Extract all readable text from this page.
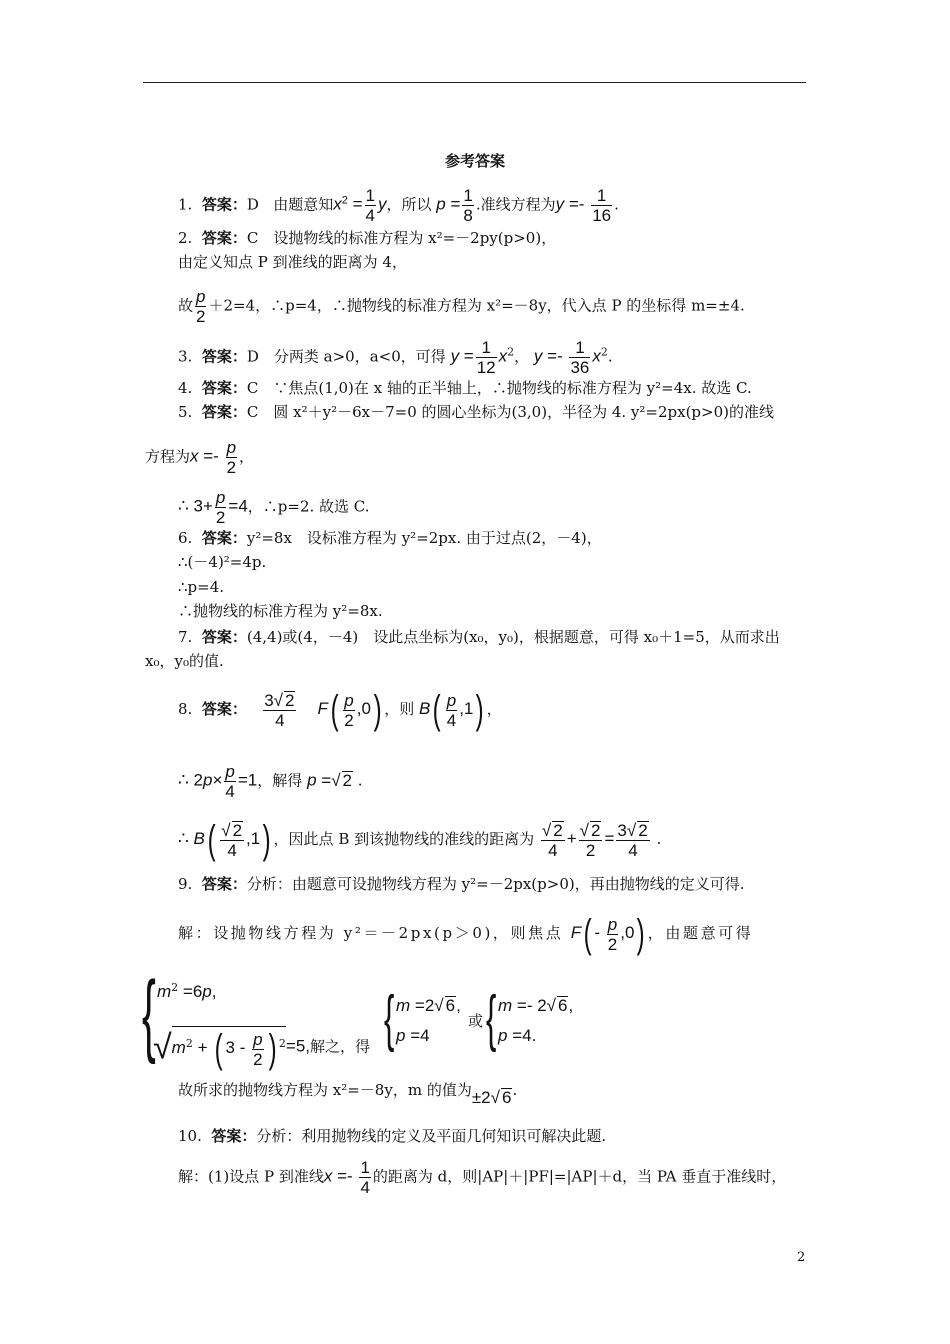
参考答案
1. 答案：D 由题意知$x^2 = \frac{1}{4}$ y，所以 $p = \frac{1}{8}$ .准线方程为$y =- \frac{1}{16}$ .
2. 答案：C　设抛物线的标准方程为 x²=－2py(p>0)，
由定义知点 P 到准线的距离为 4，
故 $\frac{p}{2} +2=4$，∴p=4，∴抛物线的标准方程为 x²=－8y，代入点 P 的坐标得 m=±4.
3. 答案：D　分两类 a>0，a<0，可得 $y = \frac{1}{12} x^2$， $y =- \frac{1}{36} x^2$.
4. 答案：C　∵焦点(1,0)在 x 轴的正半轴上，∴抛物线的标准方程为 y²=4x. 故选 C.
5. 答案：C　圆 x²＋y²－6x－7=0 的圆心坐标为(3,0)，半径为 4. y²=2px(p>0)的准线
方程为$x =- \frac{p}{2}$ ，
∴ $3+ \frac{p}{2} =4$，∴p=2. 故选 C.
6. 答案：y²=8x　设标准方程为 y²=2px. 由于过点(2，－4)，
∴(－4)²=4p.
∴p=4.
∴抛物线的标准方程为 y²=8x.
7. 答案：(4,4)或(4，－4)　设此点坐标为(x₀，y₀)，根据题意，可得 x₀＋1=5，从而求出
x₀，y₀的值.
8. 答案： $\frac{3√ 2}{4} F( \frac{p}{2} ,0)$ ，则 $B( \frac{p}{4} ,1)$ ，
∴ $2p\times \frac{p}{4} =1$，解得 p =√ 2 .
∴ $B( \frac{√ 2}{4} ,1)$ ，因此点 B 到该抛物线的准线的距离为 $\frac{√ 2}{4} + \frac{√ 2}{2} = \frac{3√ 2}{4}$ .
9. 答案：分析：由题意可设抛物线方程为 y²=－2px(p>0)，再由抛物线的定义可得.
解：设抛物线方程为 y²＝－2px(p＞0)，则焦点 $F( - \frac{p}{2} ,0)$ ，由题意可得
{ $m^2 =6p$,
$√m^2$ + ( $3 - \frac{p}{2}$ ) $^2$=5,解之，得 { m =2√ 6,
p =4
或 { m =- 2√ 6,
p =4.
故所求的抛物线方程为 x²=－8y，m 的值为±2√ 6.
10. 答案：分析：利用抛物线的定义及平面几何知识可解决此题.
解：(1)设点 P 到准线$x =- \frac{1}{4}$ 的距离为 d，则|AP|＋|PF|=|AP|＋d，当 PA 垂直于准线时，
2
